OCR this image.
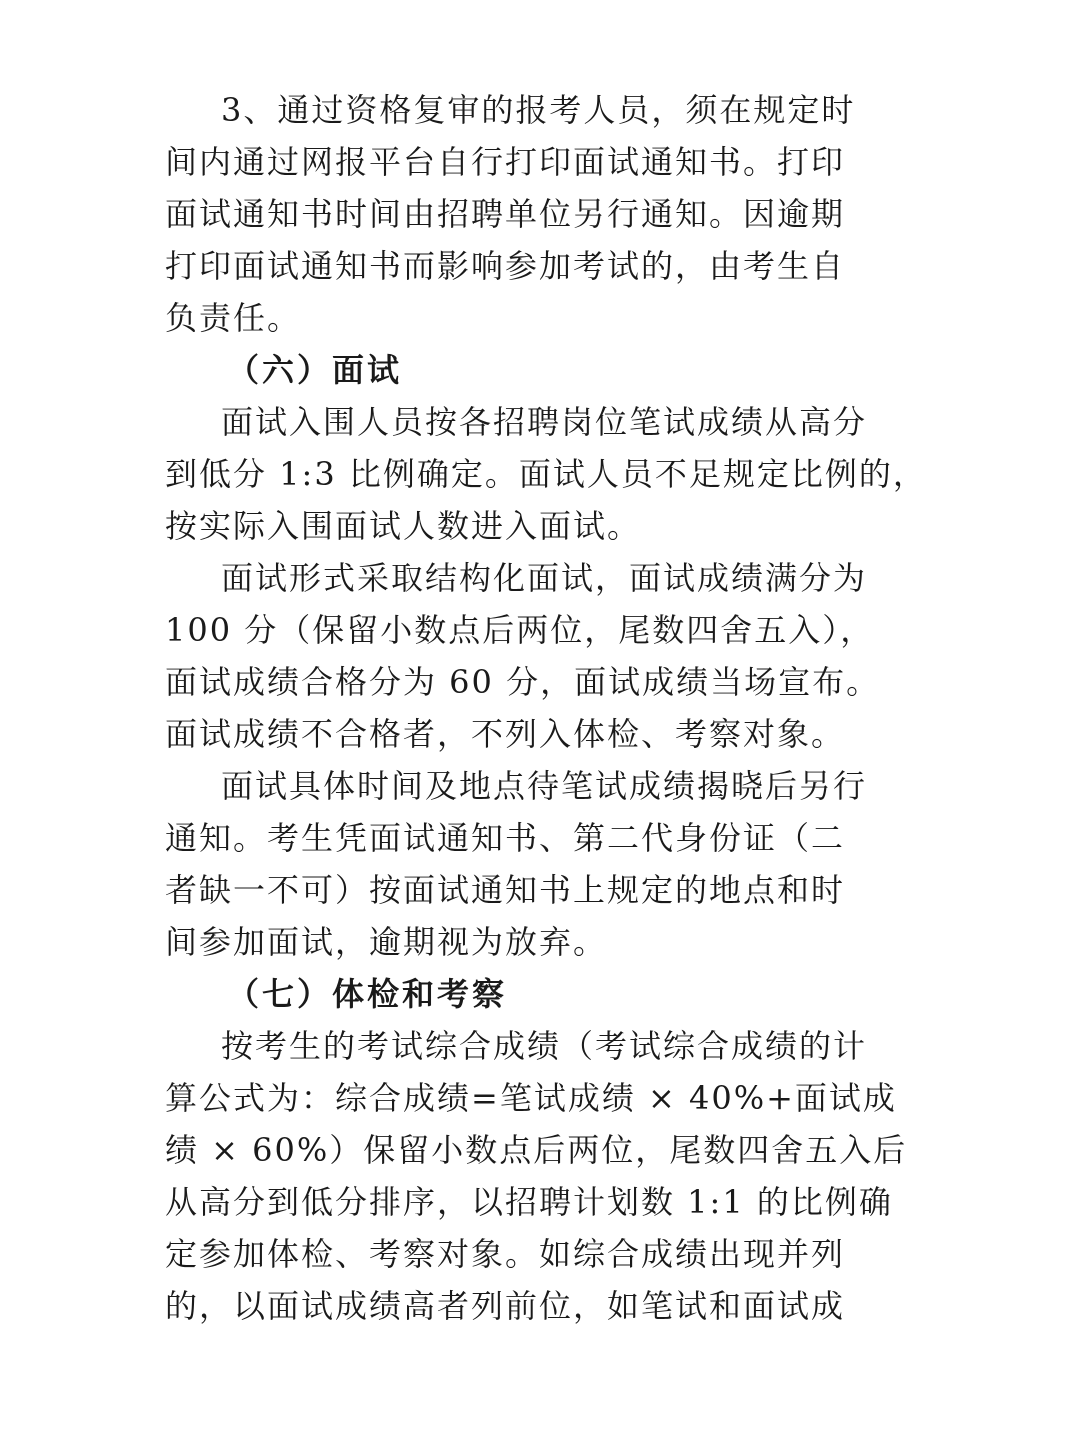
3、通过资格复审的报考人员，须在规定时
间内通过网报平台自行打印面试通知书。打印
面试通知书时间由招聘单位另行通知。因逾期
打印面试通知书而影响参加考试的，由考生自
负责任。
（六）面试
面试入围人员按各招聘岗位笔试成绩从高分
到低分 1:3 比例确定。面试人员不足规定比例的，
按实际入围面试人数进入面试。
面试形式采取结构化面试，面试成绩满分为
100 分（保留小数点后两位，尾数四舍五入），
面试成绩合格分为 60 分，面试成绩当场宣布。
面试成绩不合格者，不列入体检、考察对象。
面试具体时间及地点待笔试成绩揭晓后另行
通知。考生凭面试通知书、第二代身份证（二
者缺一不可）按面试通知书上规定的地点和时
间参加面试，逾期视为放弃。
（七）体检和考察
按考生的考试综合成绩（考试综合成绩的计
算公式为：综合成绩=笔试成绩 × 40%+面试成
绩 × 60%）保留小数点后两位，尾数四舍五入后
从高分到低分排序，以招聘计划数 1:1 的比例确
定参加体检、考察对象。如综合成绩出现并列
的，以面试成绩高者列前位，如笔试和面试成
